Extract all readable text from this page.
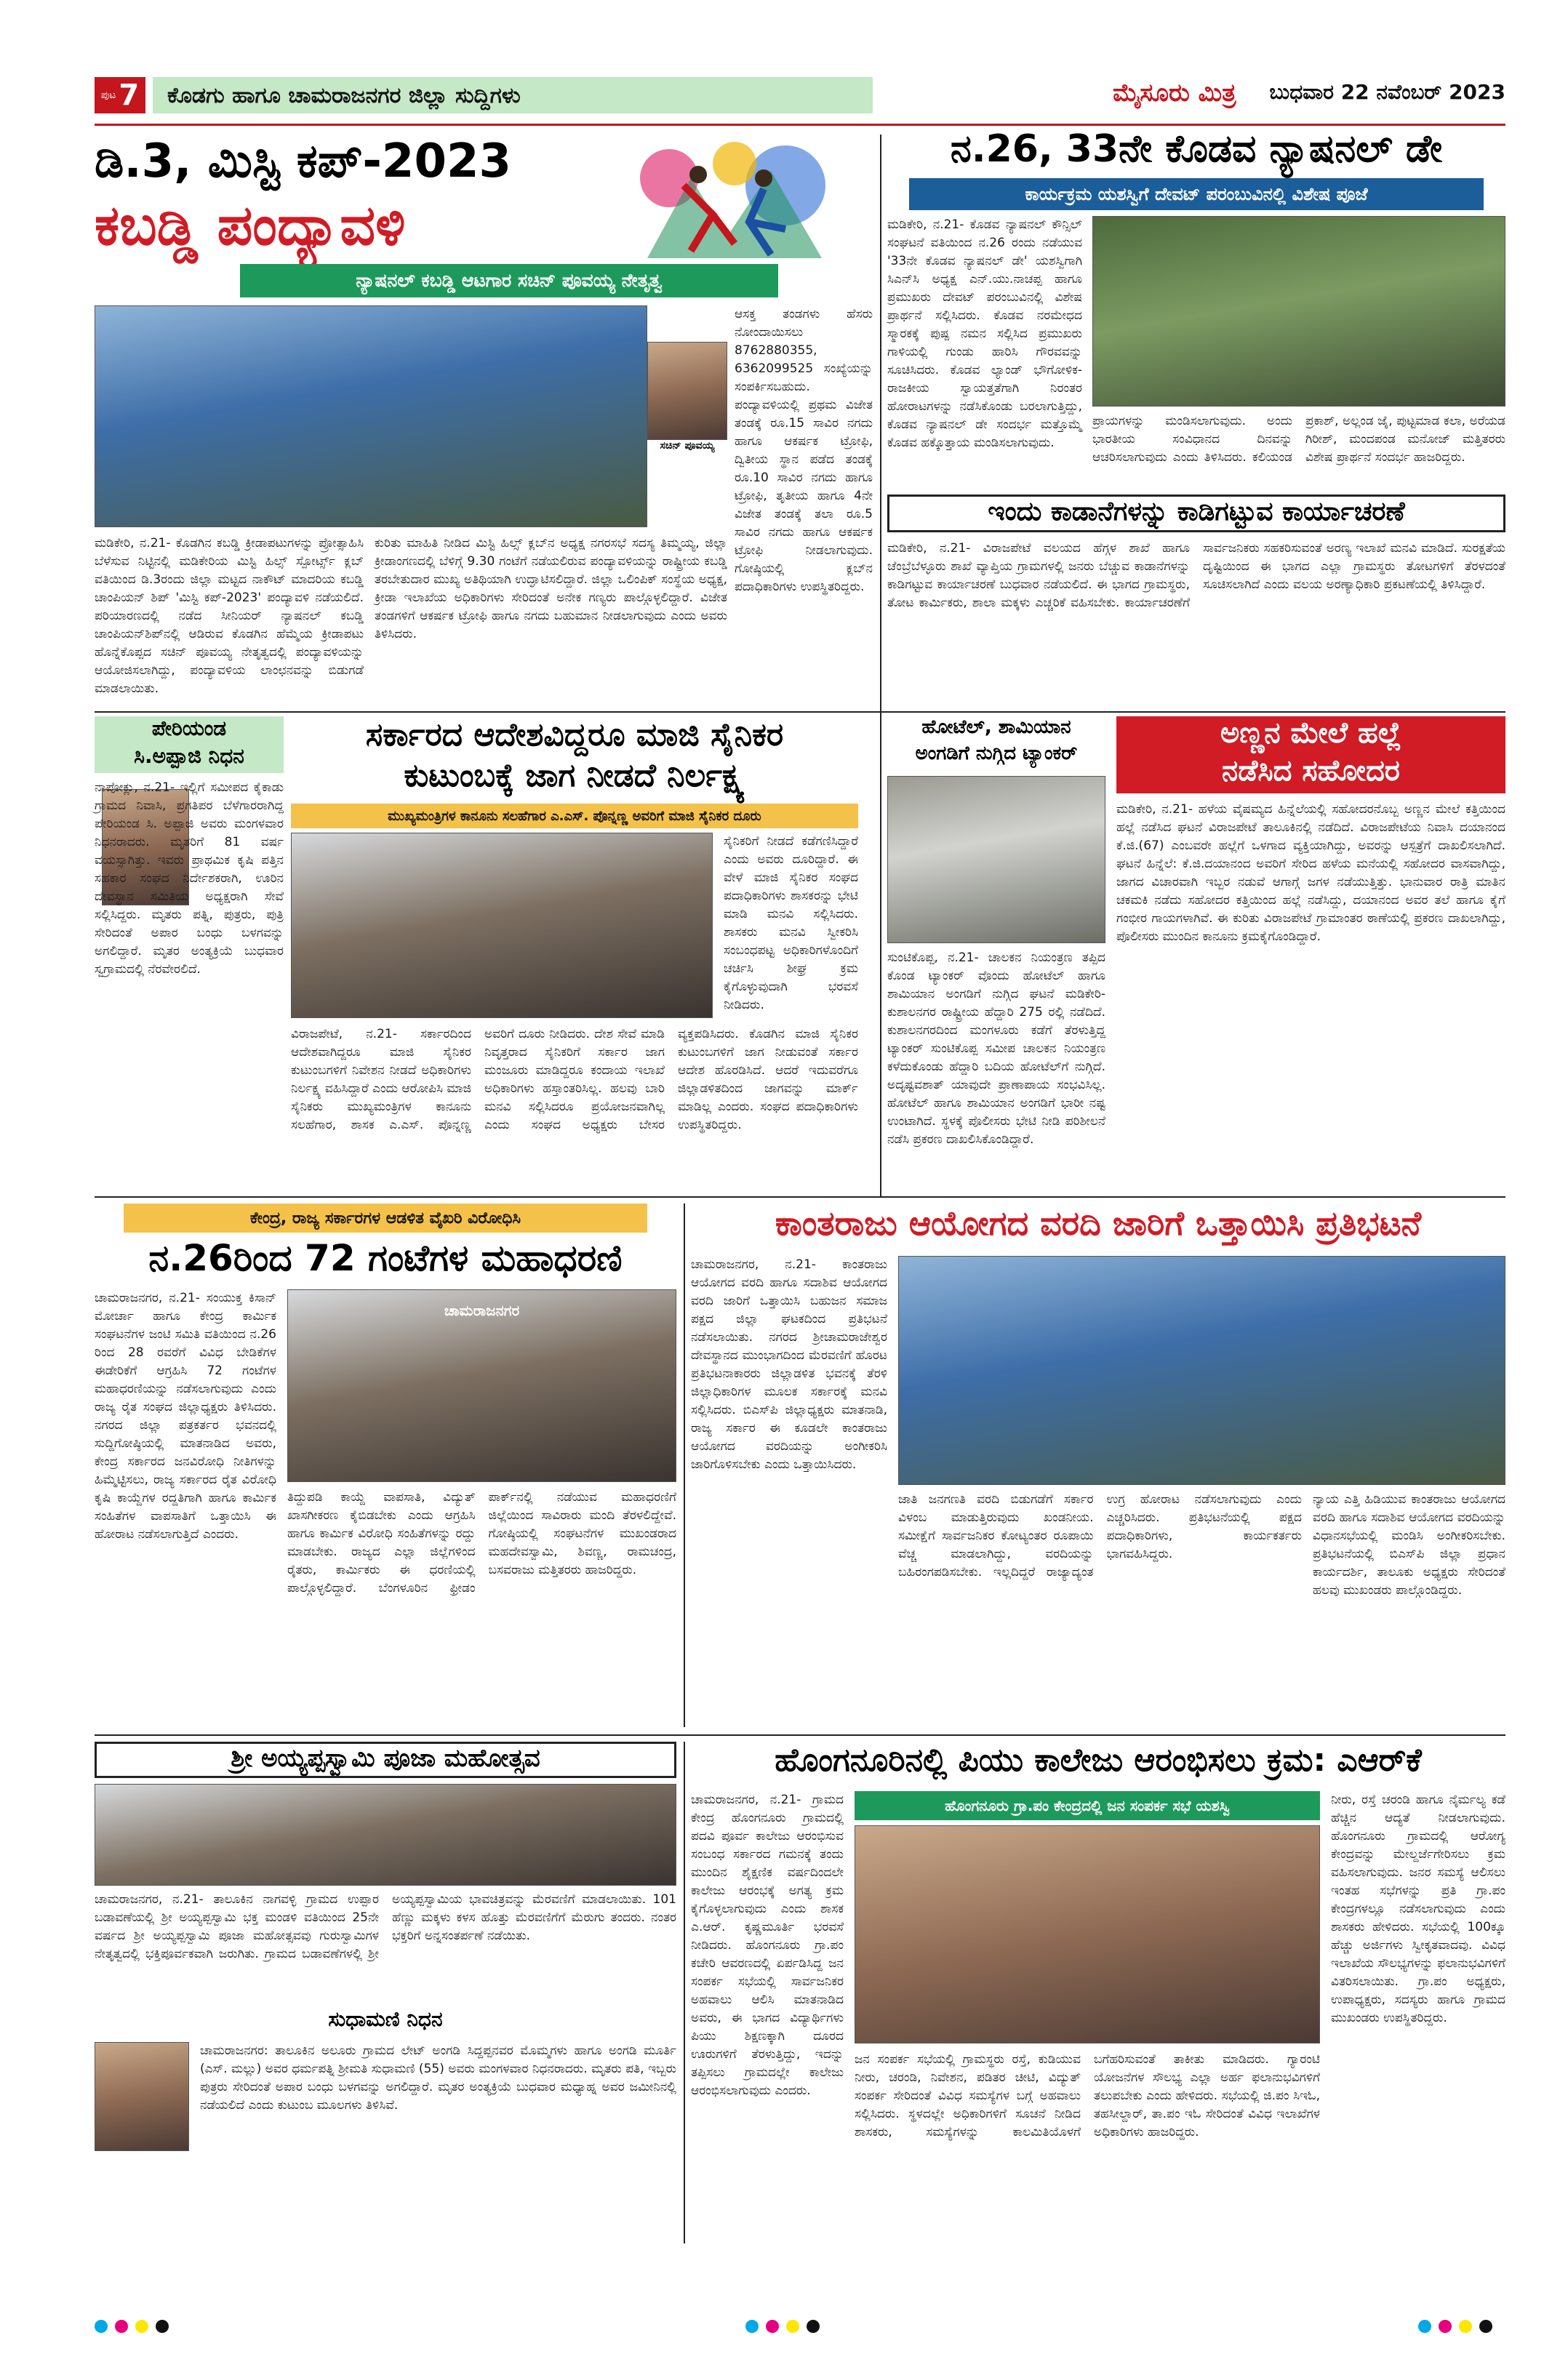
ಪುಟ 7	ಕೊಡಗು ಹಾಗೂ ಚಾಮರಾಜನಗರ ಜಿಲ್ಲಾ ಸುದ್ದಿಗಳು	ಮೈಸೂರು ಮಿತ್ರ	ಬುಧವಾರ 22 ನವೆಂಬರ್ 2023
ಡಿ.3, ಮಿಸ್ಟಿ ಕಪ್-2023
ಕಬಡ್ಡಿ ಪಂದ್ಯಾವಳಿ
ನ್ಯಾಷನಲ್ ಕಬಡ್ಡಿ ಆಟಗಾರ ಸಚಿನ್ ಪೂವಯ್ಯ ನೇತೃತ್ವ
ಸಚಿನ್ ಪೂವಯ್ಯ
ಆಸಕ್ತ ತಂಡಗಳು ಹೆಸರು ನೋಂದಾಯಿಸಲು 8762880355, 6362099525 ಸಂಖ್ಯೆಯನ್ನು ಸಂಪರ್ಕಿಸಬಹುದು. ಪಂದ್ಯಾವಳಿಯಲ್ಲಿ ಪ್ರಥಮ ವಿಜೇತ ತಂಡಕ್ಕೆ ರೂ.15 ಸಾವಿರ ನಗದು ಹಾಗೂ ಆಕರ್ಷಕ ಟ್ರೋಫಿ, ದ್ವಿತೀಯ ಸ್ಥಾನ ಪಡೆದ ತಂಡಕ್ಕೆ ರೂ.10 ಸಾವಿರ ನಗದು ಹಾಗೂ ಟ್ರೋಫಿ, ತೃತೀಯ ಹಾಗೂ 4ನೇ ವಿಜೇತ ತಂಡಕ್ಕೆ ತಲಾ ರೂ.5 ಸಾವಿರ ನಗದು ಹಾಗೂ ಆಕರ್ಷಕ ಟ್ರೋಫಿ ನೀಡಲಾಗುವುದು. ಗೋಷ್ಠಿಯಲ್ಲಿ ಕ್ಲಬ್‌ನ ಪದಾಧಿಕಾರಿಗಳು ಉಪಸ್ಥಿತರಿದ್ದರು.
ಮಡಿಕೇರಿ, ನ.21- ಕೊಡಗಿನ ಕಬಡ್ಡಿ ಕ್ರೀಡಾಪಟುಗಳನ್ನು ಪ್ರೋತ್ಸಾಹಿಸಿ ಬೆಳೆಸುವ ನಿಟ್ಟಿನಲ್ಲಿ ಮಡಿಕೇರಿಯ ಮಿಸ್ಟಿ ಹಿಲ್ಸ್ ಸ್ಪೋರ್ಟ್ಸ್ ಕ್ಲಬ್ ವತಿಯಿಂದ ಡಿ.3ರಂದು ಜಿಲ್ಲಾ ಮಟ್ಟದ ನಾಕೌಟ್ ಮಾದರಿಯ ಕಬಡ್ಡಿ ಚಾಂಪಿಯನ್ ಶಿಪ್ 'ಮಿಸ್ಟಿ ಕಪ್-2023' ಪಂದ್ಯಾವಳಿ ನಡೆಯಲಿದೆ. ಪರಿಯಾರಣದಲ್ಲಿ ನಡೆದ ಸೀನಿಯರ್ ನ್ಯಾಷನಲ್ ಕಬಡ್ಡಿ ಚಾಂಪಿಯನ್‌ಶಿಪ್‌ನಲ್ಲಿ ಆಡಿರುವ ಕೊಡಗಿನ ಹೆಮ್ಮೆಯ ಕ್ರೀಡಾಪಟು ಹೊನ್ನೆಕೊಪ್ಪದ ಸಚಿನ್ ಪೂವಯ್ಯ ನೇತೃತ್ವದಲ್ಲಿ ಪಂದ್ಯಾವಳಿಯನ್ನು ಆಯೋಜಿಸಲಾಗಿದ್ದು, ಪಂದ್ಯಾವಳಿಯ ಲಾಂಛನವನ್ನು ಬಿಡುಗಡೆ ಮಾಡಲಾಯಿತು.
ಕುರಿತು ಮಾಹಿತಿ ನೀಡಿದ ಮಿಸ್ಟಿ ಹಿಲ್ಸ್ ಕ್ಲಬ್‌ನ ಅಧ್ಯಕ್ಷ ನಗರಸಭೆ ಸದಸ್ಯ ತಿಮ್ಮಯ್ಯ, ಜಿಲ್ಲಾ ಕ್ರೀಡಾಂಗಣದಲ್ಲಿ ಬೆಳಿಗ್ಗೆ 9.30 ಗಂಟೆಗೆ ನಡೆಯಲಿರುವ ಪಂದ್ಯಾವಳಿಯನ್ನು ರಾಷ್ಟ್ರೀಯ ಕಬಡ್ಡಿ ತರಬೇತುದಾರ ಮುಖ್ಯ ಅತಿಥಿಯಾಗಿ ಉದ್ಘಾಟಿಸಲಿದ್ದಾರೆ. ಜಿಲ್ಲಾ ಒಲಿಂಪಿಕ್ ಸಂಸ್ಥೆಯ ಅಧ್ಯಕ್ಷ, ಕ್ರೀಡಾ ಇಲಾಖೆಯ ಅಧಿಕಾರಿಗಳು ಸೇರಿದಂತೆ ಅನೇಕ ಗಣ್ಯರು ಪಾಲ್ಗೊಳ್ಳಲಿದ್ದಾರೆ. ವಿಜೇತ ತಂಡಗಳಿಗೆ ಆಕರ್ಷಕ ಟ್ರೋಫಿ ಹಾಗೂ ನಗದು ಬಹುಮಾನ ನೀಡಲಾಗುವುದು ಎಂದು ಅವರು ತಿಳಿಸಿದರು.
ನ.26, 33ನೇ ಕೊಡವ ನ್ಯಾಷನಲ್ ಡೇ
ಕಾರ್ಯಕ್ರಮ ಯಶಸ್ವಿಗೆ ದೇವಟ್ ಪರಂಬುವಿನಲ್ಲಿ ವಿಶೇಷ ಪೂಜೆ
ಮಡಿಕೇರಿ, ನ.21- ಕೊಡವ ನ್ಯಾಷನಲ್ ಕೌನ್ಸಿಲ್ ಸಂಘಟನೆ ವತಿಯಿಂದ ನ.26 ರಂದು ನಡೆಯುವ '33ನೇ ಕೊಡವ ನ್ಯಾಷನಲ್ ಡೇ' ಯಶಸ್ವಿಗಾಗಿ ಸಿಎನ್‌ಸಿ ಅಧ್ಯಕ್ಷ ಎನ್.ಯು.ನಾಚಪ್ಪ ಹಾಗೂ ಪ್ರಮುಖರು ದೇವಟ್ ಪರಂಬುವಿನಲ್ಲಿ ವಿಶೇಷ ಪ್ರಾರ್ಥನೆ ಸಲ್ಲಿಸಿದರು. ಕೊಡವ ನರಮೇಧದ ಸ್ಮಾರಕಕ್ಕೆ ಪುಷ್ಪ ನಮನ ಸಲ್ಲಿಸಿದ ಪ್ರಮುಖರು ಗಾಳಿಯಲ್ಲಿ ಗುಂಡು ಹಾರಿಸಿ ಗೌರವವನ್ನು ಸೂಚಿಸಿದರು. ಕೊಡವ ಲ್ಯಾಂಡ್ ಭೌಗೋಳಿಕ-ರಾಜಕೀಯ ಸ್ವಾಯತ್ತತೆಗಾಗಿ ನಿರಂತರ ಹೋರಾಟಗಳನ್ನು ನಡೆಸಿಕೊಂಡು ಬರಲಾಗುತ್ತಿದ್ದು, ಕೊಡವ ನ್ಯಾಷನಲ್ ಡೇ ಸಂದರ್ಭ ಮತ್ತೊಮ್ಮೆ ಕೊಡವ ಹಕ್ಕೊತ್ತಾಯ ಮಂಡಿಸಲಾಗುವುದು.
ಪ್ರಾಯಗಳನ್ನು ಮಂಡಿಸಲಾಗುವುದು. ಅಂದು ಭಾರತೀಯ ಸಂವಿಧಾನದ ದಿನವನ್ನು ಆಚರಿಸಲಾಗುವುದು ಎಂದು ತಿಳಿಸಿದರು. ಕಲಿಯಂಡ ಪ್ರಕಾಶ್, ಅಲ್ಲಂಡ ಜೈ, ಪುಟ್ಟಮಾಡ ಕಲಾ, ಅರೆಯಡ ಗಿರೀಶ್, ಮಂದಪಂಡ ಮನೋಜ್ ಮತ್ತಿತರರು ವಿಶೇಷ ಪ್ರಾರ್ಥನೆ ಸಂದರ್ಭ ಹಾಜರಿದ್ದರು.
ಇಂದು ಕಾಡಾನೆಗಳನ್ನು ಕಾಡಿಗಟ್ಟುವ ಕಾರ್ಯಾಚರಣೆ
ಮಡಿಕೇರಿ, ನ.21- ವಿರಾಜಪೇಟೆ ವಲಯದ ಹೆಗ್ಗಳ ಶಾಖೆ ಹಾಗೂ ಚೆಂಬ್ರೆಬೆಳ್ಳೂರು ಶಾಖೆ ವ್ಯಾಪ್ತಿಯ ಗ್ರಾಮಗಳಲ್ಲಿ ಜನರು ಬೆಚ್ಚುವ ಕಾಡಾನೆಗಳನ್ನು ಕಾಡಿಗಟ್ಟುವ ಕಾರ್ಯಾಚರಣೆ ಬುಧವಾರ ನಡೆಯಲಿದೆ. ಈ ಭಾಗದ ಗ್ರಾಮಸ್ಥರು, ತೋಟ ಕಾರ್ಮಿಕರು, ಶಾಲಾ ಮಕ್ಕಳು ಎಚ್ಚರಿಕೆ ವಹಿಸಬೇಕು. ಕಾರ್ಯಾಚರಣೆಗೆ ಸಾರ್ವಜನಿಕರು ಸಹಕರಿಸುವಂತೆ ಅರಣ್ಯ ಇಲಾಖೆ ಮನವಿ ಮಾಡಿದೆ. ಸುರಕ್ಷತೆಯ ದೃಷ್ಟಿಯಿಂದ ಈ ಭಾಗದ ಎಲ್ಲಾ ಗ್ರಾಮಸ್ಥರು ತೋಟಗಳಿಗೆ ತೆರಳದಂತೆ ಸೂಚಿಸಲಾಗಿದೆ ಎಂದು ವಲಯ ಅರಣ್ಯಾಧಿಕಾರಿ ಪ್ರಕಟಣೆಯಲ್ಲಿ ತಿಳಿಸಿದ್ದಾರೆ.
ಪೇರಿಯಂಡ
ಸಿ.ಅಪ್ಪಾಜಿ ನಿಧನ
ನಾಪೋಕ್ಲು, ನ.21- ಇಲ್ಲಿಗೆ ಸಮೀಪದ ಕೈಕಾಡು ಗ್ರಾಮದ ನಿವಾಸಿ, ಪ್ರಗತಿಪರ ಬೆಳೆಗಾರರಾಗಿದ್ದ ಪೇರಿಯಂಡ ಸಿ. ಅಪ್ಪಾಜಿ ಅವರು ಮಂಗಳವಾರ ನಿಧನರಾದರು. ಮೃತರಿಗೆ 81 ವರ್ಷ ವಯಸ್ಸಾಗಿತ್ತು. ಇವರು ಪ್ರಾಥಮಿಕ ಕೃಷಿ ಪತ್ತಿನ ಸಹಕಾರ ಸಂಘದ ನಿರ್ದೇಶಕರಾಗಿ, ಊರಿನ ದೇವಸ್ಥಾನ ಸಮಿತಿಯ ಅಧ್ಯಕ್ಷರಾಗಿ ಸೇವೆ ಸಲ್ಲಿಸಿದ್ದರು. ಮೃತರು ಪತ್ನಿ, ಪುತ್ರರು, ಪುತ್ರಿ ಸೇರಿದಂತೆ ಅಪಾರ ಬಂಧು ಬಳಗವನ್ನು ಅಗಲಿದ್ದಾರೆ. ಮೃತರ ಅಂತ್ಯಕ್ರಿಯೆ ಬುಧವಾರ ಸ್ವಗ್ರಾಮದಲ್ಲಿ ನೆರವೇರಲಿದೆ.
ಸರ್ಕಾರದ ಆದೇಶವಿದ್ದರೂ ಮಾಜಿ ಸೈನಿಕರ
ಕುಟುಂಬಕ್ಕೆ ಜಾಗ ನೀಡದೆ ನಿರ್ಲಕ್ಷ್ಯ
ಮುಖ್ಯಮಂತ್ರಿಗಳ ಕಾನೂನು ಸಲಹೆಗಾರ ಎ.ಎಸ್. ಪೊನ್ನಣ್ಣ ಅವರಿಗೆ ಮಾಜಿ ಸೈನಿಕರ ದೂರು
ಸೈನಿಕರಿಗೆ ನೀಡದೆ ಕಡೆಗಣಿಸಿದ್ದಾರೆ ಎಂದು ಅವರು ದೂರಿದ್ದಾರೆ. ಈ ವೇಳೆ ಮಾಜಿ ಸೈನಿಕರ ಸಂಘದ ಪದಾಧಿಕಾರಿಗಳು ಶಾಸಕರನ್ನು ಭೇಟಿ ಮಾಡಿ ಮನವಿ ಸಲ್ಲಿಸಿದರು. ಶಾಸಕರು ಮನವಿ ಸ್ವೀಕರಿಸಿ ಸಂಬಂಧಪಟ್ಟ ಅಧಿಕಾರಿಗಳೊಂದಿಗೆ ಚರ್ಚಿಸಿ ಶೀಘ್ರ ಕ್ರಮ ಕೈಗೊಳ್ಳುವುದಾಗಿ ಭರವಸೆ ನೀಡಿದರು.
ವಿರಾಜಪೇಟೆ, ನ.21- ಸರ್ಕಾರದಿಂದ ಆದೇಶವಾಗಿದ್ದರೂ ಮಾಜಿ ಸೈನಿಕರ ಕುಟುಂಬಗಳಿಗೆ ನಿವೇಶನ ನೀಡದೆ ಅಧಿಕಾರಿಗಳು ನಿರ್ಲಕ್ಷ್ಯ ವಹಿಸಿದ್ದಾರೆ ಎಂದು ಆರೋಪಿಸಿ ಮಾಜಿ ಸೈನಿಕರು ಮುಖ್ಯಮಂತ್ರಿಗಳ ಕಾನೂನು ಸಲಹೆಗಾರ, ಶಾಸಕ ಎ.ಎಸ್. ಪೊನ್ನಣ್ಣ ಅವರಿಗೆ ದೂರು ನೀಡಿದರು. ದೇಶ ಸೇವೆ ಮಾಡಿ ನಿವೃತ್ತರಾದ ಸೈನಿಕರಿಗೆ ಸರ್ಕಾರ ಜಾಗ ಮಂಜೂರು ಮಾಡಿದ್ದರೂ ಕಂದಾಯ ಇಲಾಖೆ ಅಧಿಕಾರಿಗಳು ಹಸ್ತಾಂತರಿಸಿಲ್ಲ. ಹಲವು ಬಾರಿ ಮನವಿ ಸಲ್ಲಿಸಿದರೂ ಪ್ರಯೋಜನವಾಗಿಲ್ಲ ಎಂದು ಸಂಘದ ಅಧ್ಯಕ್ಷರು ಬೇಸರ ವ್ಯಕ್ತಪಡಿಸಿದರು. ಕೊಡಗಿನ ಮಾಜಿ ಸೈನಿಕರ ಕುಟುಂಬಗಳಿಗೆ ಜಾಗ ನೀಡುವಂತೆ ಸರ್ಕಾರ ಆದೇಶ ಹೊರಡಿಸಿದೆ. ಆದರೆ ಇದುವರೆಗೂ ಜಿಲ್ಲಾಡಳಿತದಿಂದ ಜಾಗವನ್ನು ಮಾರ್ಕ್ ಮಾಡಿಲ್ಲ ಎಂದರು. ಸಂಘದ ಪದಾಧಿಕಾರಿಗಳು ಉಪಸ್ಥಿತರಿದ್ದರು.
ಹೋಟೆಲ್, ಶಾಮಿಯಾನ
ಅಂಗಡಿಗೆ ನುಗ್ಗಿದ ಟ್ಯಾಂಕರ್
ಸುಂಟಿಕೊಪ್ಪ, ನ.21- ಚಾಲಕನ ನಿಯಂತ್ರಣ ತಪ್ಪಿದ ಕೊಂಡ ಟ್ಯಾಂಕರ್ ವೊಂದು ಹೋಟೆಲ್ ಹಾಗೂ ಶಾಮಿಯಾನ ಅಂಗಡಿಗೆ ನುಗ್ಗಿದ ಘಟನೆ ಮಡಿಕೇರಿ- ಕುಶಾಲನಗರ ರಾಷ್ಟ್ರೀಯ ಹೆದ್ದಾರಿ 275 ರಲ್ಲಿ ನಡೆದಿದೆ. ಕುಶಾಲನಗರದಿಂದ ಮಂಗಳೂರು ಕಡೆಗೆ ತೆರಳುತ್ತಿದ್ದ ಟ್ಯಾಂಕರ್ ಸುಂಟಿಕೊಪ್ಪ ಸಮೀಪ ಚಾಲಕನ ನಿಯಂತ್ರಣ ಕಳೆದುಕೊಂಡು ಹೆದ್ದಾರಿ ಬದಿಯ ಹೋಟೆಲ್‌ಗೆ ನುಗ್ಗಿದೆ. ಅದೃಷ್ಟವಶಾತ್ ಯಾವುದೇ ಪ್ರಾಣಾಪಾಯ ಸಂಭವಿಸಿಲ್ಲ. ಹೋಟೆಲ್ ಹಾಗೂ ಶಾಮಿಯಾನ ಅಂಗಡಿಗೆ ಭಾರೀ ನಷ್ಟ ಉಂಟಾಗಿದೆ. ಸ್ಥಳಕ್ಕೆ ಪೊಲೀಸರು ಭೇಟಿ ನೀಡಿ ಪರಿಶೀಲನೆ ನಡೆಸಿ ಪ್ರಕರಣ ದಾಖಲಿಸಿಕೊಂಡಿದ್ದಾರೆ.
ಅಣ್ಣನ ಮೇಲೆ ಹಲ್ಲೆ
ನಡೆಸಿದ ಸಹೋದರ
ಮಡಿಕೇರಿ, ನ.21- ಹಳೆಯ ವೈಷಮ್ಯದ ಹಿನ್ನೆಲೆಯಲ್ಲಿ ಸಹೋದರನೊಬ್ಬ ಅಣ್ಣನ ಮೇಲೆ ಕತ್ತಿಯಿಂದ ಹಲ್ಲೆ ನಡೆಸಿದ ಘಟನೆ ವಿರಾಜಪೇಟೆ ತಾಲೂಕಿನಲ್ಲಿ ನಡೆದಿದೆ. ವಿರಾಜಪೇಟೆಯ ನಿವಾಸಿ ದಯಾನಂದ ಕೆ.ಜಿ.(67) ಎಂಬವರೇ ಹಲ್ಲೆಗೆ ಒಳಗಾದ ವ್ಯಕ್ತಿಯಾಗಿದ್ದು, ಅವರನ್ನು ಆಸ್ಪತ್ರೆಗೆ ದಾಖಲಿಸಲಾಗಿದೆ. ಘಟನೆ ಹಿನ್ನೆಲೆ: ಕೆ.ಜಿ.ದಯಾನಂದ ಅವರಿಗೆ ಸೇರಿದ ಹಳೆಯ ಮನೆಯಲ್ಲಿ ಸಹೋದರ ವಾಸವಾಗಿದ್ದು, ಜಾಗದ ವಿಚಾರವಾಗಿ ಇಬ್ಬರ ನಡುವೆ ಆಗಾಗ್ಗೆ ಜಗಳ ನಡೆಯುತ್ತಿತ್ತು. ಭಾನುವಾರ ರಾತ್ರಿ ಮಾತಿನ ಚಕಮಕಿ ನಡೆದು ಸಹೋದರ ಕತ್ತಿಯಿಂದ ಹಲ್ಲೆ ನಡೆಸಿದ್ದು, ದಯಾನಂದ ಅವರ ತಲೆ ಹಾಗೂ ಕೈಗೆ ಗಂಭೀರ ಗಾಯಗಳಾಗಿವೆ. ಈ ಕುರಿತು ವಿರಾಜಪೇಟೆ ಗ್ರಾಮಾಂತರ ಠಾಣೆಯಲ್ಲಿ ಪ್ರಕರಣ ದಾಖಲಾಗಿದ್ದು, ಪೊಲೀಸರು ಮುಂದಿನ ಕಾನೂನು ಕ್ರಮಕೈಗೊಂಡಿದ್ದಾರೆ.
ಕೇಂದ್ರ, ರಾಜ್ಯ ಸರ್ಕಾರಗಳ ಆಡಳಿತ ವೈಖರಿ ವಿರೋಧಿಸಿ
ನ.26ರಿಂದ 72 ಗಂಟೆಗಳ ಮಹಾಧರಣಿ
ಚಾಮರಾಜನಗರ, ನ.21- ಸಂಯುಕ್ತ ಕಿಸಾನ್ ಮೋರ್ಚಾ ಹಾಗೂ ಕೇಂದ್ರ ಕಾರ್ಮಿಕ ಸಂಘಟನೆಗಳ ಜಂಟಿ ಸಮಿತಿ ವತಿಯಿಂದ ನ.26 ರಿಂದ 28 ರವರೆಗೆ ವಿವಿಧ ಬೇಡಿಕೆಗಳ ಈಡೇರಿಕೆಗೆ ಆಗ್ರಹಿಸಿ 72 ಗಂಟೆಗಳ ಮಹಾಧರಣಿಯನ್ನು ನಡೆಸಲಾಗುವುದು ಎಂದು ರಾಜ್ಯ ರೈತ ಸಂಘದ ಜಿಲ್ಲಾಧ್ಯಕ್ಷರು ತಿಳಿಸಿದರು. ನಗರದ ಜಿಲ್ಲಾ ಪತ್ರಕರ್ತರ ಭವನದಲ್ಲಿ ಸುದ್ದಿಗೋಷ್ಠಿಯಲ್ಲಿ ಮಾತನಾಡಿದ ಅವರು, ಕೇಂದ್ರ ಸರ್ಕಾರದ ಜನವಿರೋಧಿ ನೀತಿಗಳನ್ನು ಹಿಮ್ಮೆಟ್ಟಿಸಲು, ರಾಜ್ಯ ಸರ್ಕಾರದ ರೈತ ವಿರೋಧಿ ಕೃಷಿ ಕಾಯ್ದೆಗಳ ರದ್ದತಿಗಾಗಿ ಹಾಗೂ ಕಾರ್ಮಿಕ ಸಂಹಿತೆಗಳ ವಾಪಸಾತಿಗೆ ಒತ್ತಾಯಿಸಿ ಈ ಹೋರಾಟ ನಡೆಸಲಾಗುತ್ತಿದೆ ಎಂದರು.
ಚಾಮರಾಜನಗರ
ತಿದ್ದುಪಡಿ ಕಾಯ್ದೆ ವಾಪಸಾತಿ, ವಿದ್ಯುತ್ ಖಾಸಗೀಕರಣ ಕೈಬಿಡಬೇಕು ಎಂದು ಆಗ್ರಹಿಸಿ ಹಾಗೂ ಕಾರ್ಮಿಕ ವಿರೋಧಿ ಸಂಹಿತೆಗಳನ್ನು ರದ್ದು ಮಾಡಬೇಕು. ರಾಜ್ಯದ ಎಲ್ಲಾ ಜಿಲ್ಲೆಗಳಿಂದ ರೈತರು, ಕಾರ್ಮಿಕರು ಈ ಧರಣಿಯಲ್ಲಿ ಪಾಲ್ಗೊಳ್ಳಲಿದ್ದಾರೆ. ಬೆಂಗಳೂರಿನ ಫ್ರೀಡಂ ಪಾರ್ಕ್‌ನಲ್ಲಿ ನಡೆಯುವ ಮಹಾಧರಣಿಗೆ ಜಿಲ್ಲೆಯಿಂದ ಸಾವಿರಾರು ಮಂದಿ ತೆರಳಲಿದ್ದೇವೆ. ಗೋಷ್ಠಿಯಲ್ಲಿ ಸಂಘಟನೆಗಳ ಮುಖಂಡರಾದ ಮಹದೇವಸ್ವಾಮಿ, ಶಿವಣ್ಣ, ರಾಮಚಂದ್ರ, ಬಸವರಾಜು ಮತ್ತಿತರರು ಹಾಜರಿದ್ದರು.
ಕಾಂತರಾಜು ಆಯೋಗದ ವರದಿ ಜಾರಿಗೆ ಒತ್ತಾಯಿಸಿ ಪ್ರತಿಭಟನೆ
ಚಾಮರಾಜನಗರ, ನ.21- ಕಾಂತರಾಜು ಆಯೋಗದ ವರದಿ ಹಾಗೂ ಸದಾಶಿವ ಆಯೋಗದ ವರದಿ ಜಾರಿಗೆ ಒತ್ತಾಯಿಸಿ ಬಹುಜನ ಸಮಾಜ ಪಕ್ಷದ ಜಿಲ್ಲಾ ಘಟಕದಿಂದ ಪ್ರತಿಭಟನೆ ನಡೆಸಲಾಯಿತು. ನಗರದ ಶ್ರೀಚಾಮರಾಜೇಶ್ವರ ದೇವಸ್ಥಾನದ ಮುಂಭಾಗದಿಂದ ಮೆರವಣಿಗೆ ಹೊರಟ ಪ್ರತಿಭಟನಾಕಾರರು ಜಿಲ್ಲಾಡಳಿತ ಭವನಕ್ಕೆ ತೆರಳಿ ಜಿಲ್ಲಾಧಿಕಾರಿಗಳ ಮೂಲಕ ಸರ್ಕಾರಕ್ಕೆ ಮನವಿ ಸಲ್ಲಿಸಿದರು. ಬಿಎಸ್‌ಪಿ ಜಿಲ್ಲಾಧ್ಯಕ್ಷರು ಮಾತನಾಡಿ, ರಾಜ್ಯ ಸರ್ಕಾರ ಈ ಕೂಡಲೇ ಕಾಂತರಾಜು ಆಯೋಗದ ವರದಿಯನ್ನು ಅಂಗೀಕರಿಸಿ ಜಾರಿಗೊಳಿಸಬೇಕು ಎಂದು ಒತ್ತಾಯಿಸಿದರು.
ಜಾತಿ ಜನಗಣತಿ ವರದಿ ಬಿಡುಗಡೆಗೆ ಸರ್ಕಾರ ವಿಳಂಬ ಮಾಡುತ್ತಿರುವುದು ಖಂಡನೀಯ. ಸಮೀಕ್ಷೆಗೆ ಸಾರ್ವಜನಿಕರ ಕೋಟ್ಯಂತರ ರೂಪಾಯಿ ವೆಚ್ಚ ಮಾಡಲಾಗಿದ್ದು, ವರದಿಯನ್ನು ಬಹಿರಂಗಪಡಿಸಬೇಕು. ಇಲ್ಲದಿದ್ದರೆ ರಾಜ್ಯಾದ್ಯಂತ ಉಗ್ರ ಹೋರಾಟ ನಡೆಸಲಾಗುವುದು ಎಂದು ಎಚ್ಚರಿಸಿದರು. ಪ್ರತಿಭಟನೆಯಲ್ಲಿ ಪಕ್ಷದ ಪದಾಧಿಕಾರಿಗಳು, ಕಾರ್ಯಕರ್ತರು ಭಾಗವಹಿಸಿದ್ದರು.
ನ್ಯಾಯ ಎತ್ತಿ ಹಿಡಿಯುವ ಕಾಂತರಾಜು ಆಯೋಗದ ವರದಿ ಹಾಗೂ ಸದಾಶಿವ ಆಯೋಗದ ವರದಿಯನ್ನು ವಿಧಾನಸಭೆಯಲ್ಲಿ ಮಂಡಿಸಿ ಅಂಗೀಕರಿಸಬೇಕು. ಪ್ರತಿಭಟನೆಯಲ್ಲಿ ಬಿಎಸ್‌ಪಿ ಜಿಲ್ಲಾ ಪ್ರಧಾನ ಕಾರ್ಯದರ್ಶಿ, ತಾಲೂಕು ಅಧ್ಯಕ್ಷರು ಸೇರಿದಂತೆ ಹಲವು ಮುಖಂಡರು ಪಾಲ್ಗೊಂಡಿದ್ದರು.
ಶ್ರೀ ಅಯ್ಯಪ್ಪಸ್ವಾಮಿ ಪೂಜಾ ಮಹೋತ್ಸವ
ಚಾಮರಾಜನಗರ, ನ.21- ತಾಲೂಕಿನ ನಾಗವಳ್ಳಿ ಗ್ರಾಮದ ಉಪ್ಪಾರ ಬಡಾವಣೆಯಲ್ಲಿ ಶ್ರೀ ಅಯ್ಯಪ್ಪಸ್ವಾಮಿ ಭಕ್ತ ಮಂಡಳಿ ವತಿಯಿಂದ 25ನೇ ವರ್ಷದ ಶ್ರೀ ಅಯ್ಯಪ್ಪಸ್ವಾಮಿ ಪೂಜಾ ಮಹೋತ್ಸವವು ಗುರುಸ್ವಾಮಿಗಳ ನೇತೃತ್ವದಲ್ಲಿ ಭಕ್ತಿಪೂರ್ವಕವಾಗಿ ಜರುಗಿತು. ಗ್ರಾಮದ ಬಡಾವಣೆಗಳಲ್ಲಿ ಶ್ರೀ ಅಯ್ಯಪ್ಪಸ್ವಾಮಿಯ ಭಾವಚಿತ್ರವನ್ನು ಮೆರವಣಿಗೆ ಮಾಡಲಾಯಿತು. 101 ಹೆಣ್ಣು ಮಕ್ಕಳು ಕಳಸ ಹೊತ್ತು ಮೆರವಣಿಗೆಗೆ ಮೆರುಗು ತಂದರು. ನಂತರ ಭಕ್ತರಿಗೆ ಅನ್ನಸಂತರ್ಪಣೆ ನಡೆಯಿತು.
ಸುಧಾಮಣಿ ನಿಧನ
ಚಾಮರಾಜನಗರ: ತಾಲೂಕಿನ ಅಲೂರು ಗ್ರಾಮದ ಲೇಟ್ ಅಂಗಡಿ ಸಿದ್ದಪ್ಪನವರ ಮೊಮ್ಮಗಳು ಹಾಗೂ ಅಂಗಡಿ ಮೂರ್ತಿ (ಎಸ್. ಮಲ್ಲು) ಅವರ ಧರ್ಮಪತ್ನಿ ಶ್ರೀಮತಿ ಸುಧಾಮಣಿ (55) ಅವರು ಮಂಗಳವಾರ ನಿಧನರಾದರು. ಮೃತರು ಪತಿ, ಇಬ್ಬರು ಪುತ್ರರು ಸೇರಿದಂತೆ ಅಪಾರ ಬಂಧು ಬಳಗವನ್ನು ಅಗಲಿದ್ದಾರೆ. ಮೃತರ ಅಂತ್ಯಕ್ರಿಯೆ ಬುಧವಾರ ಮಧ್ಯಾಹ್ನ ಅವರ ಜಮೀನಿನಲ್ಲಿ ನಡೆಯಲಿದೆ ಎಂದು ಕುಟುಂಬ ಮೂಲಗಳು ತಿಳಿಸಿವೆ.
ಹೊಂಗನೂರಿನಲ್ಲಿ ಪಿಯು ಕಾಲೇಜು ಆರಂಭಿಸಲು ಕ್ರಮ: ಎಆರ್‌ಕೆ
ಚಾಮರಾಜನಗರ, ನ.21- ಗ್ರಾಮದ ಕೇಂದ್ರ ಹೊಂಗನೂರು ಗ್ರಾಮದಲ್ಲಿ ಪದವಿ ಪೂರ್ವ ಕಾಲೇಜು ಆರಂಭಿಸುವ ಸಂಬಂಧ ಸರ್ಕಾರದ ಗಮನಕ್ಕೆ ತಂದು ಮುಂದಿನ ಶೈಕ್ಷಣಿಕ ವರ್ಷದಿಂದಲೇ ಕಾಲೇಜು ಆರಂಭಕ್ಕೆ ಅಗತ್ಯ ಕ್ರಮ ಕೈಗೊಳ್ಳಲಾಗುವುದು ಎಂದು ಶಾಸಕ ಎ.ಆರ್. ಕೃಷ್ಣಮೂರ್ತಿ ಭರವಸೆ ನೀಡಿದರು. ಹೊಂಗನೂರು ಗ್ರಾ.ಪಂ ಕಚೇರಿ ಆವರಣದಲ್ಲಿ ಏರ್ಪಡಿಸಿದ್ದ ಜನ ಸಂಪರ್ಕ ಸಭೆಯಲ್ಲಿ ಸಾರ್ವಜನಿಕರ ಅಹವಾಲು ಆಲಿಸಿ ಮಾತನಾಡಿದ ಅವರು, ಈ ಭಾಗದ ವಿದ್ಯಾರ್ಥಿಗಳು ಪಿಯು ಶಿಕ್ಷಣಕ್ಕಾಗಿ ದೂರದ ಊರುಗಳಿಗೆ ತೆರಳುತ್ತಿದ್ದು, ಇದನ್ನು ತಪ್ಪಿಸಲು ಗ್ರಾಮದಲ್ಲೇ ಕಾಲೇಜು ಆರಂಭಿಸಲಾಗುವುದು ಎಂದರು.
ಹೊಂಗನೂರು ಗ್ರಾ.ಪಂ ಕೇಂದ್ರದಲ್ಲಿ ಜನ ಸಂಪರ್ಕ ಸಭೆ ಯಶಸ್ವಿ
ಜನ ಸಂಪರ್ಕ ಸಭೆಯಲ್ಲಿ ಗ್ರಾಮಸ್ಥರು ರಸ್ತೆ, ಕುಡಿಯುವ ನೀರು, ಚರಂಡಿ, ನಿವೇಶನ, ಪಡಿತರ ಚೀಟಿ, ವಿದ್ಯುತ್ ಸಂಪರ್ಕ ಸೇರಿದಂತೆ ವಿವಿಧ ಸಮಸ್ಯೆಗಳ ಬಗ್ಗೆ ಅಹವಾಲು ಸಲ್ಲಿಸಿದರು. ಸ್ಥಳದಲ್ಲೇ ಅಧಿಕಾರಿಗಳಿಗೆ ಸೂಚನೆ ನೀಡಿದ ಶಾಸಕರು, ಸಮಸ್ಯೆಗಳನ್ನು ಕಾಲಮಿತಿಯೊಳಗೆ ಬಗೆಹರಿಸುವಂತೆ ತಾಕೀತು ಮಾಡಿದರು. ಗ್ಯಾರಂಟಿ ಯೋಜನೆಗಳ ಸೌಲಭ್ಯ ಎಲ್ಲಾ ಅರ್ಹ ಫಲಾನುಭವಿಗಳಿಗೆ ತಲುಪಬೇಕು ಎಂದು ಹೇಳಿದರು. ಸಭೆಯಲ್ಲಿ ಜಿ.ಪಂ ಸಿಇಓ, ತಹಸೀಲ್ದಾರ್, ತಾ.ಪಂ ಇಓ ಸೇರಿದಂತೆ ವಿವಿಧ ಇಲಾಖೆಗಳ ಅಧಿಕಾರಿಗಳು ಹಾಜರಿದ್ದರು.
ನೀರು, ರಸ್ತೆ ಚರಂಡಿ ಹಾಗೂ ನೈರ್ಮಲ್ಯ ಕಡೆ ಹೆಚ್ಚಿನ ಆದ್ಯತೆ ನೀಡಲಾಗುವುದು. ಹೊಂಗನೂರು ಗ್ರಾಮದಲ್ಲಿ ಆರೋಗ್ಯ ಕೇಂದ್ರವನ್ನು ಮೇಲ್ದರ್ಜೆಗೇರಿಸಲು ಕ್ರಮ ವಹಿಸಲಾಗುವುದು. ಜನರ ಸಮಸ್ಯೆ ಆಲಿಸಲು ಇಂತಹ ಸಭೆಗಳನ್ನು ಪ್ರತಿ ಗ್ರಾ.ಪಂ ಕೇಂದ್ರಗಳಲ್ಲೂ ನಡೆಸಲಾಗುವುದು ಎಂದು ಶಾಸಕರು ಹೇಳಿದರು. ಸಭೆಯಲ್ಲಿ 100ಕ್ಕೂ ಹೆಚ್ಚು ಅರ್ಜಿಗಳು ಸ್ವೀಕೃತವಾದವು. ವಿವಿಧ ಇಲಾಖೆಯ ಸೌಲಭ್ಯಗಳನ್ನು ಫಲಾನುಭವಿಗಳಿಗೆ ವಿತರಿಸಲಾಯಿತು. ಗ್ರಾ.ಪಂ ಅಧ್ಯಕ್ಷರು, ಉಪಾಧ್ಯಕ್ಷರು, ಸದಸ್ಯರು ಹಾಗೂ ಗ್ರಾಮದ ಮುಖಂಡರು ಉಪಸ್ಥಿತರಿದ್ದರು.
